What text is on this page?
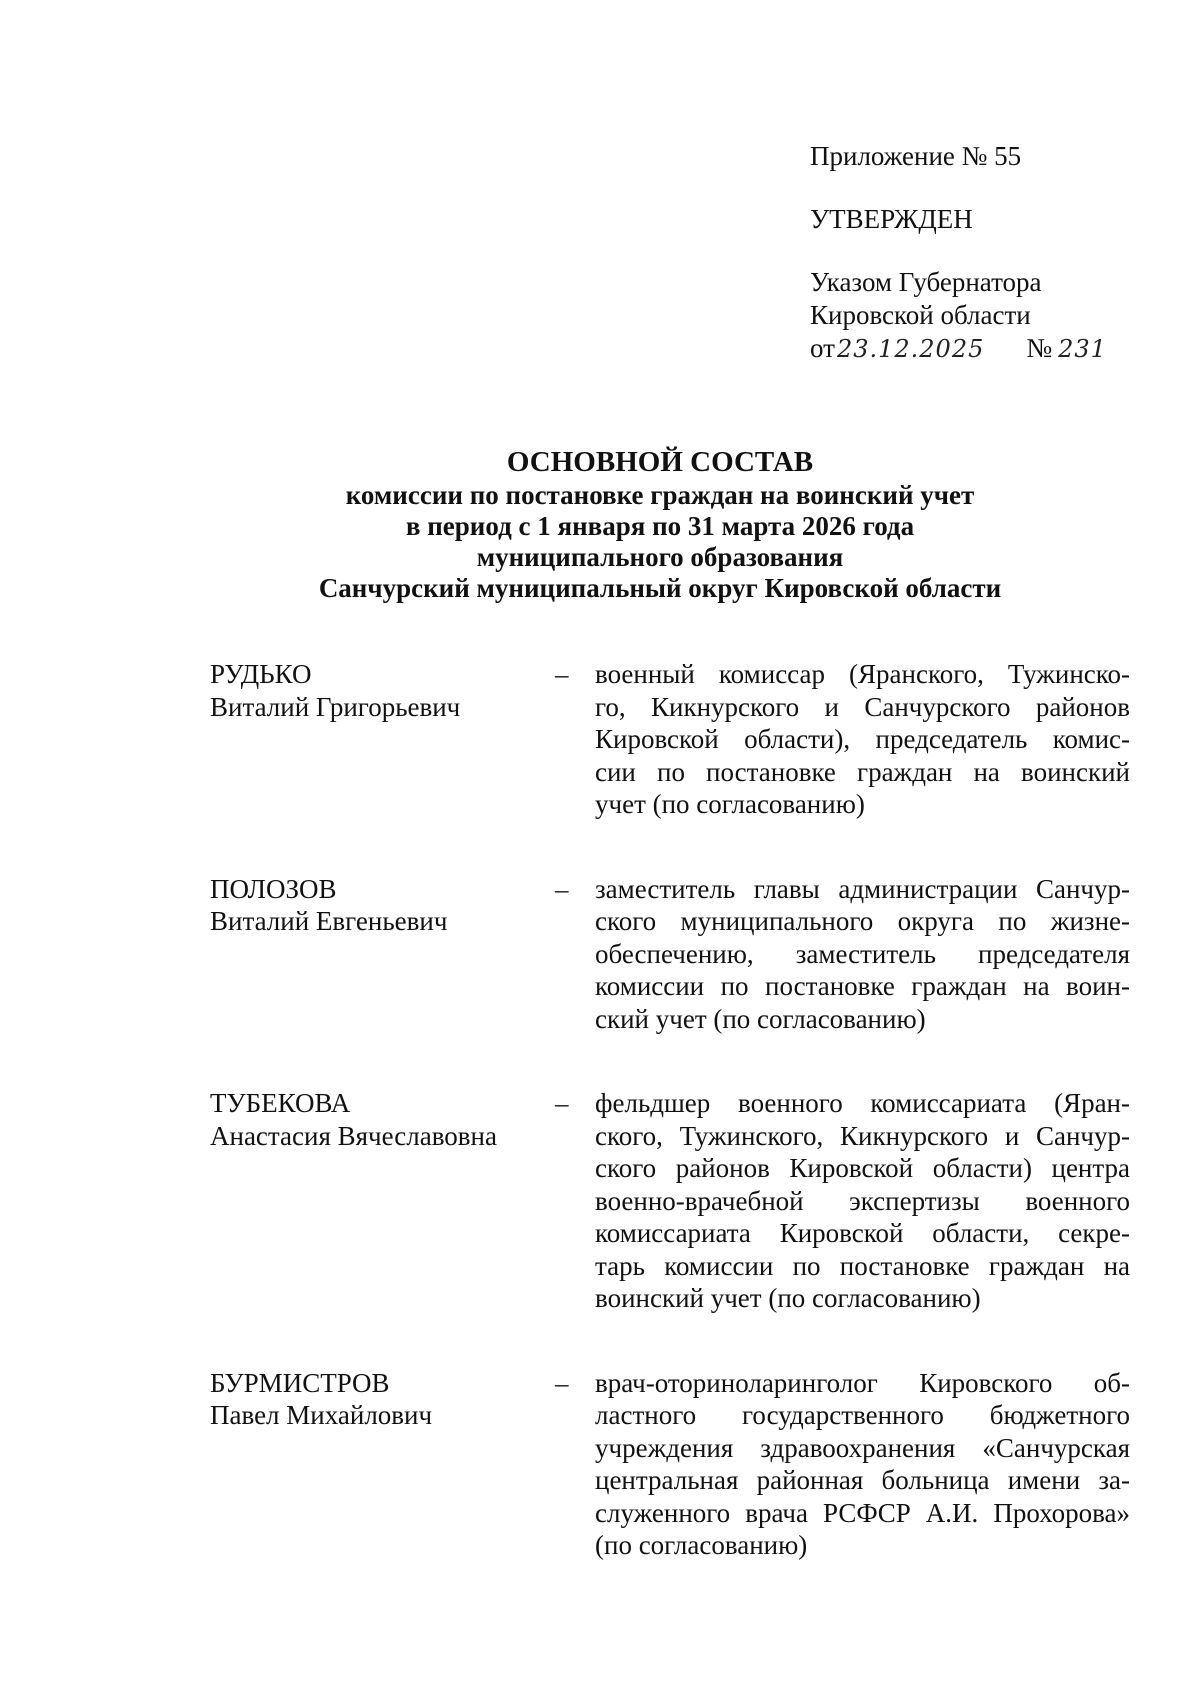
Приложение № 55
УТВЕРЖДЕН
Указом Губернатора
Кировской области
от 23.12.2025 № 231
ОСНОВНОЙ СОСТАВ
комиссии по постановке граждан на воинский учет
в период с 1 января по 31 марта 2026 года
муниципального образования
Санчурский муниципальный округ Кировской области
РУДЬКО
Виталий Григорьевич
– военный комиссар (Яранского, Тужинско-
го, Кикнурского и Санчурского районов
Кировской области), председатель комис-
сии по постановке граждан на воинский
учет (по согласованию)
ПОЛОЗОВ
Виталий Евгеньевич
– заместитель главы администрации Санчур-
ского муниципального округа по жизне-
обеспечению, заместитель председателя
комиссии по постановке граждан на воин-
ский учет (по согласованию)
ТУБЕКОВА
Анастасия Вячеславовна
– фельдшер военного комиссариата (Яран-
ского, Тужинского, Кикнурского и Санчур-
ского районов Кировской области) центра
военно-врачебной экспертизы военного
комиссариата Кировской области, секре-
тарь комиссии по постановке граждан на
воинский учет (по согласованию)
БУРМИСТРОВ
Павел Михайлович
– врач-оториноларинголог Кировского об-
ластного государственного бюджетного
учреждения здравоохранения «Санчурская
центральная районная больница имени за-
служенного врача РСФСР А.И. Прохорова»
(по согласованию)
